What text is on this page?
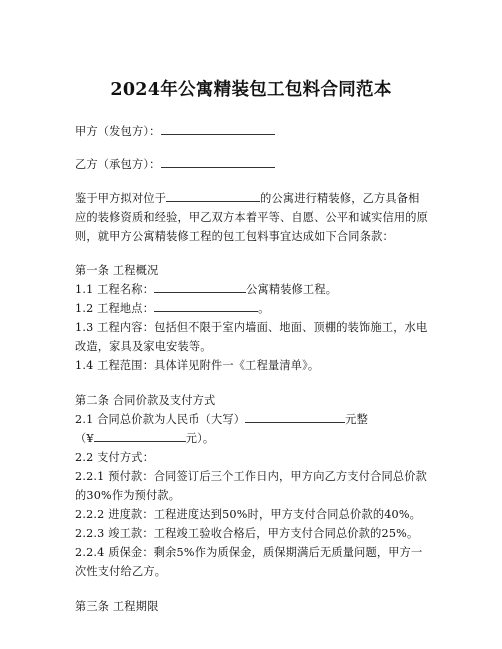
2024年公寓精装包工包料合同范本
甲方（发包方）：
乙方（承包方）：
鉴于甲方拟对位于	的公寓进行精装修，乙方具备相应的装修资质和经验，甲乙双方本着平等、自愿、公平和诚实信用的原则，就甲方公寓精装修工程的包工包料事宜达成如下合同条款：
第一条 工程概况
1.1 工程名称：	公寓精装修工程。
1.2 工程地点：	。
1.3 工程内容：包括但不限于室内墙面、地面、顶棚的装饰施工，水电改造，家具及家电安装等。
1.4 工程范围：具体详见附件一《工程量清单》。
第二条 合同价款及支付方式
2.1 合同总价款为人民币（大写）	元整
（¥	元）。
2.2 支付方式：
2.2.1 预付款：合同签订后三个工作日内，甲方向乙方支付合同总价款的30%作为预付款。
2.2.2 进度款：工程进度达到50%时，甲方支付合同总价款的40%。
2.2.3 竣工款：工程竣工验收合格后，甲方支付合同总价款的25%。
2.2.4 质保金：剩余5%作为质保金，质保期满后无质量问题，甲方一次性支付给乙方。
第三条 工程期限
